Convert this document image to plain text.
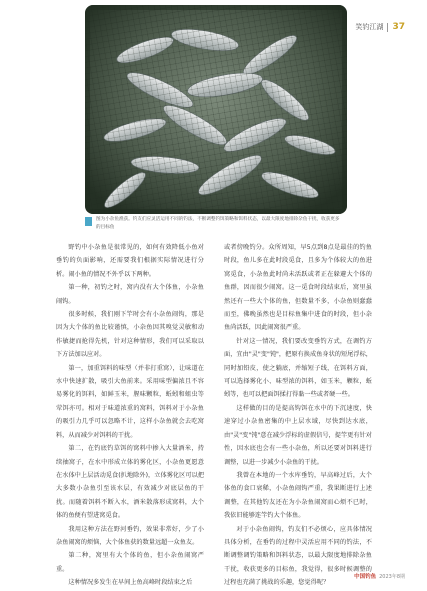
笑钓江湖 37
图为小杂鱼渔获。钓友们应灵活运用不同的钓法，不断调整钓饵策略和饵料状态，以最大限度地排除杂鱼干扰，收获更多的目标鱼

野钓中小杂鱼是很常见的，如何有效降低小鱼对垂钓的负面影响，还需要我们根据实际情况进行分析。闹小鱼的情况不外乎以下两种。

第一种，初钓之时，窝内没有大个体鱼，小杂鱼闹钩。

很多时候，我们刚下竿时会有小杂鱼闹钩，那是因为大个体的鱼比较谨慎，小杂鱼因其嗅觉灵敏和动作敏捷而抢得先机，针对这种情形，我们可以采取以下方法加以应对。

第一，加重饵料的味型（并非打重窝），让味道在水中快速扩散，吸引大鱼前来。采用味型偏浓且不容易雾化的饵料，如鲜玉米，腥味颗粒，蚯蚓和蛆虫等荤饵亦可。相对于味道浓重的窝料，饵料对于小杂鱼的吸引力几乎可以忽略不计，这样小杂鱼就会去吃窝料，从而减少对饵料的干扰。

第二，在钓底钓草饵的窝料中掺入大量酒米，持续抽窝子，在水中形成立体的雾化区，小杂鱼更愿意在水体中上层活动觅食(扒地除外)，立体雾化区可以把大多数小杂鱼引至该水层，有效减少对底层鱼的干扰。而随着饵料不断入水，酒米散落形成窝料，大个体的鱼便有望进窝觅食。

我用这种方法在野河垂钓，效果非常好，少了小杂鱼闹窝的烦恼，大个体鱼获的数量远超一众鱼友。

第二种，窝里有大个体的鱼，但小杂鱼闹窝严重。

这种情况多发生在早间上鱼高峰时段结束之后

或者傍晚钓分。众所周知，早5点到8点是最佳的钓鱼时段，鱼儿多在此时段觅食，且多为个体较大的鱼进窝觅食，小杂鱼此时尚未活跃或者正在躲避大个体的鱼群，因而很少闹窝。这一觅食时段结束后，窝里虽然还有一些大个体的鱼，但数量不多，小杂鱼则蠢蠢而至，佛晚虽然也是目标鱼集中进食的时段，但小杂鱼尚活跃，因此闹窝很严重。

针对这一情况，我们要改变垂钓方式，在调钓方面，宜由"灵"变"钝"，把原有换成鱼身状的短尾浮标，同时加铅皮，使之躺底，并缩短子线，在饵料方面，可以选择雾化小、味型浓的饵料，如玉米，颗粒，蚯蚓等，也可以把面饵揉打得黏一些或者硬一些。

这样做的目的是提高钩饵在水中的下沉速度，快速穿过小杂鱼密集的中上层水域，尽快到达水底，由"灵"变"钝"意在减少浮标的虚假信号，提竿更有针对性，因水底也会有一些小杂鱼，所以还要对饵料进行调整，以进一步减少小杂鱼的干扰。

我曾在本地的一个水库垂钓，早高峰过后，大个体鱼的食口衰稀，小杂鱼闹钩严重，我果断进行上述调整，在其他钓友还在为小杂鱼闹窝而心烦不已时，我依旧能够连竿钓大个体鱼。

对于小杂鱼闹钩，钓友们不必烦心，应具体情况具体分析，在垂钓的过程中灵活应用不同的钓法，不断调整调钓策略和饵料状态，以最大限度地排除杂鱼干扰，收获更多的目标鱼，我觉得，很多时候调整的过程也充满了挑战的乐趣，您觉得呢？

中国钓鱼 2023年8期
